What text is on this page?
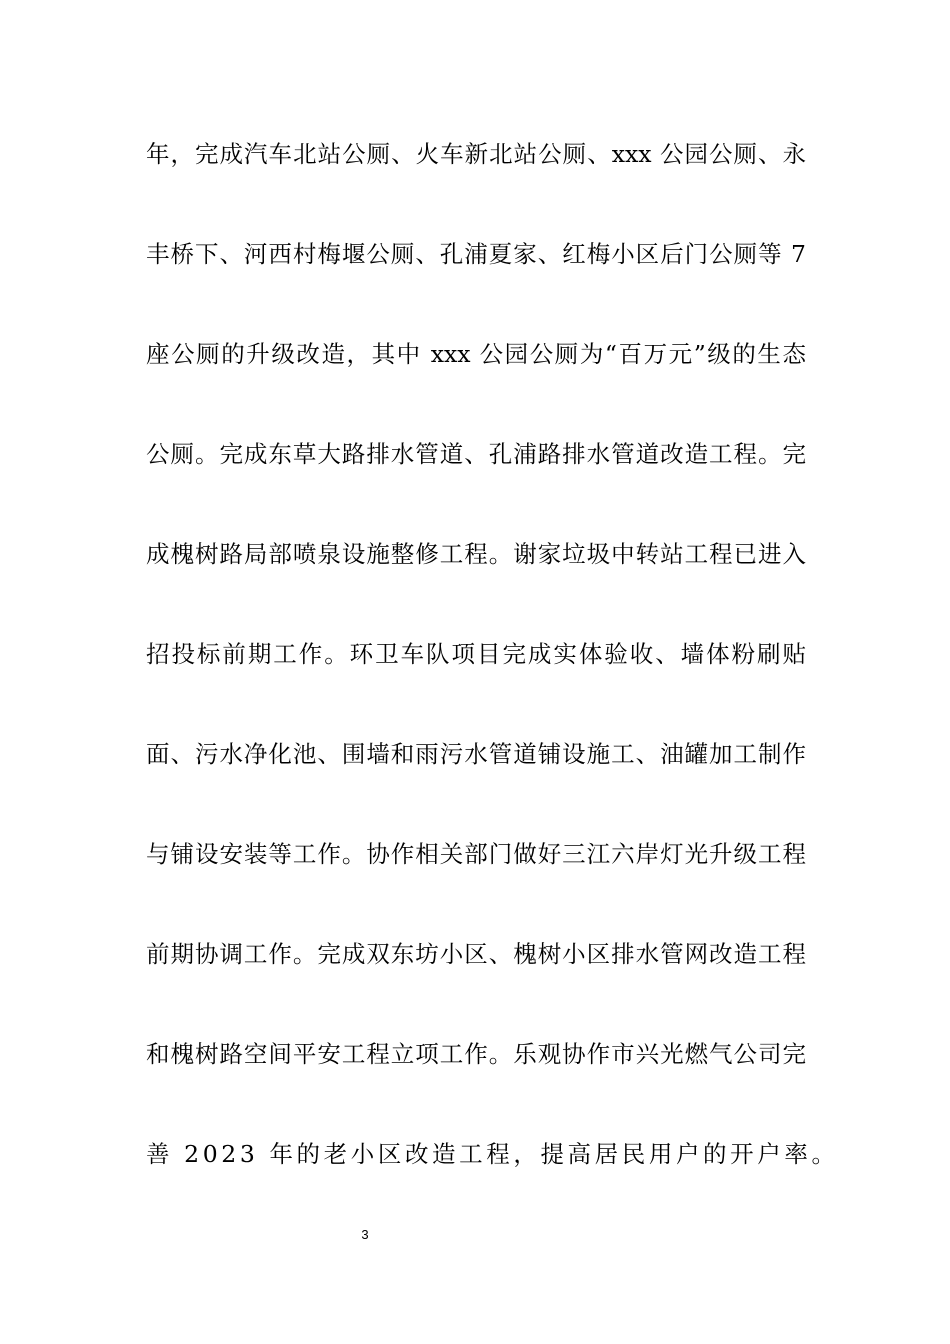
年，完成汽车北站公厕、火车新北站公厕、xxx 公园公厕、永
丰桥下、河西村梅堰公厕、孔浦夏家、红梅小区后门公厕等 7
座公厕的升级改造，其中 xxx 公园公厕为“百万元”级的生态
公厕。完成东草大路排水管道、孔浦路排水管道改造工程。完
成槐树路局部喷泉设施整修工程。谢家垃圾中转站工程已进入
招投标前期工作。环卫车队项目完成实体验收、墙体粉刷贴
面、污水净化池、围墙和雨污水管道铺设施工、油罐加工制作
与铺设安装等工作。协作相关部门做好三江六岸灯光升级工程
前期协调工作。完成双东坊小区、槐树小区排水管网改造工程
和槐树路空间平安工程立项工作。乐观协作市兴光燃气公司完
善 2023 年的老小区改造工程，提高居民用户的开户率。
3
